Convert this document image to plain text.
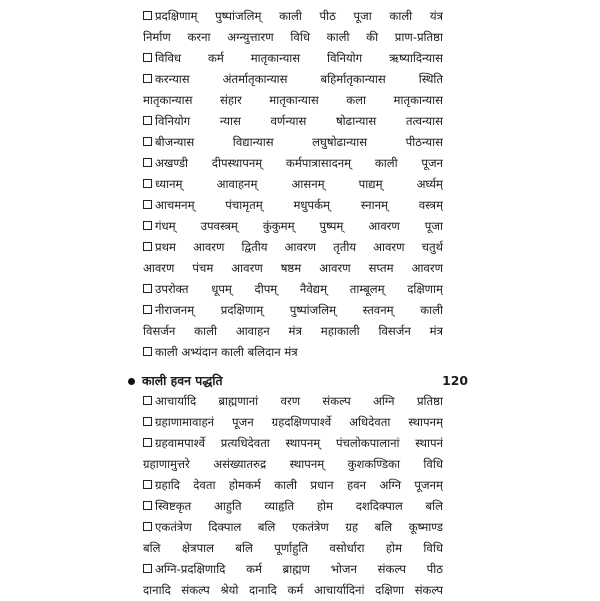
प्रदक्षिणाम् पुष्पांजलिम् काली पीठ पूजा काली यंत्र
निर्माण करना अग्न्युत्तारण विधि काली की प्राण-प्रतिष्ठा
विविध कर्म मातृकान्यास विनियोग ऋष्यादिन्यास
करन्यास अंतर्मातृकान्यास बहिर्मातृकान्यास स्थिति
मातृकान्यास संहार मातृकान्यास कला मातृकान्यास
विनियोग न्यास वर्णन्यास षोढान्यास तत्वन्यास
बीजन्यास विद्यान्यास लघुषोढान्यास पीठन्यास
अखण्डी दीपस्थापनम् कर्मपात्रासादनम् काली पूजन
ध्यानम् आवाहनम् आसनम् पाद्यम् अर्घ्यम्
आचमनम् पंचामृतम् मधुपर्कम् स्नानम् वस्त्रम्
गंधम् उपवस्त्रम् कुंकुमम् पुष्पम् आवरण पूजा
प्रथम आवरण द्वितीय आवरण तृतीय आवरण चतुर्थ
आवरण पंचम आवरण षष्ठम आवरण सप्तम आवरण
उपरोक्त धूपम् दीपम् नैवेद्यम् ताम्बूलम् दक्षिणाम्
नीराजनम् प्रदक्षिणाम् पुष्पांजलिम् स्तवनम् काली
विसर्जन काली आवाहन मंत्र महाकाली विसर्जन मंत्र
काली अभ्यंदान काली बलिदान मंत्र
काली हवन पद्धति	120
आचार्यादि ब्राह्मणानां वरण संकल्प अग्नि प्रतिष्ठा
ग्रहाणामावाहनं पूजन ग्रहदक्षिणपार्श्वे अधिदेवता स्थापनम्
ग्रहवामपार्श्वे प्रत्यधिदेवता स्थापनम् पंचलोकपालानां स्थापनं
ग्रहाणामुत्तरे असंख्यातरुद्र स्थापनम् कुशकण्डिका विधि
ग्रहादि देवता होमकर्म काली प्रधान हवन अग्नि पूजनम्
स्विष्टकृत आहुति व्याहृति होम दशदिक्पाल बलि
एकतंत्रेण दिक्पाल बलि एकतंत्रेण ग्रह बलि कूष्माण्ड
बलि क्षेत्रपाल बलि पूर्णाहुति वसोर्धारा होम विधि
अग्नि-प्रदक्षिणादि कर्म ब्राह्मण भोजन संकल्प पीठ
दानादि संकल्प श्रेयो दानादि कर्म आचार्यादिनां दक्षिणा संकल्प
